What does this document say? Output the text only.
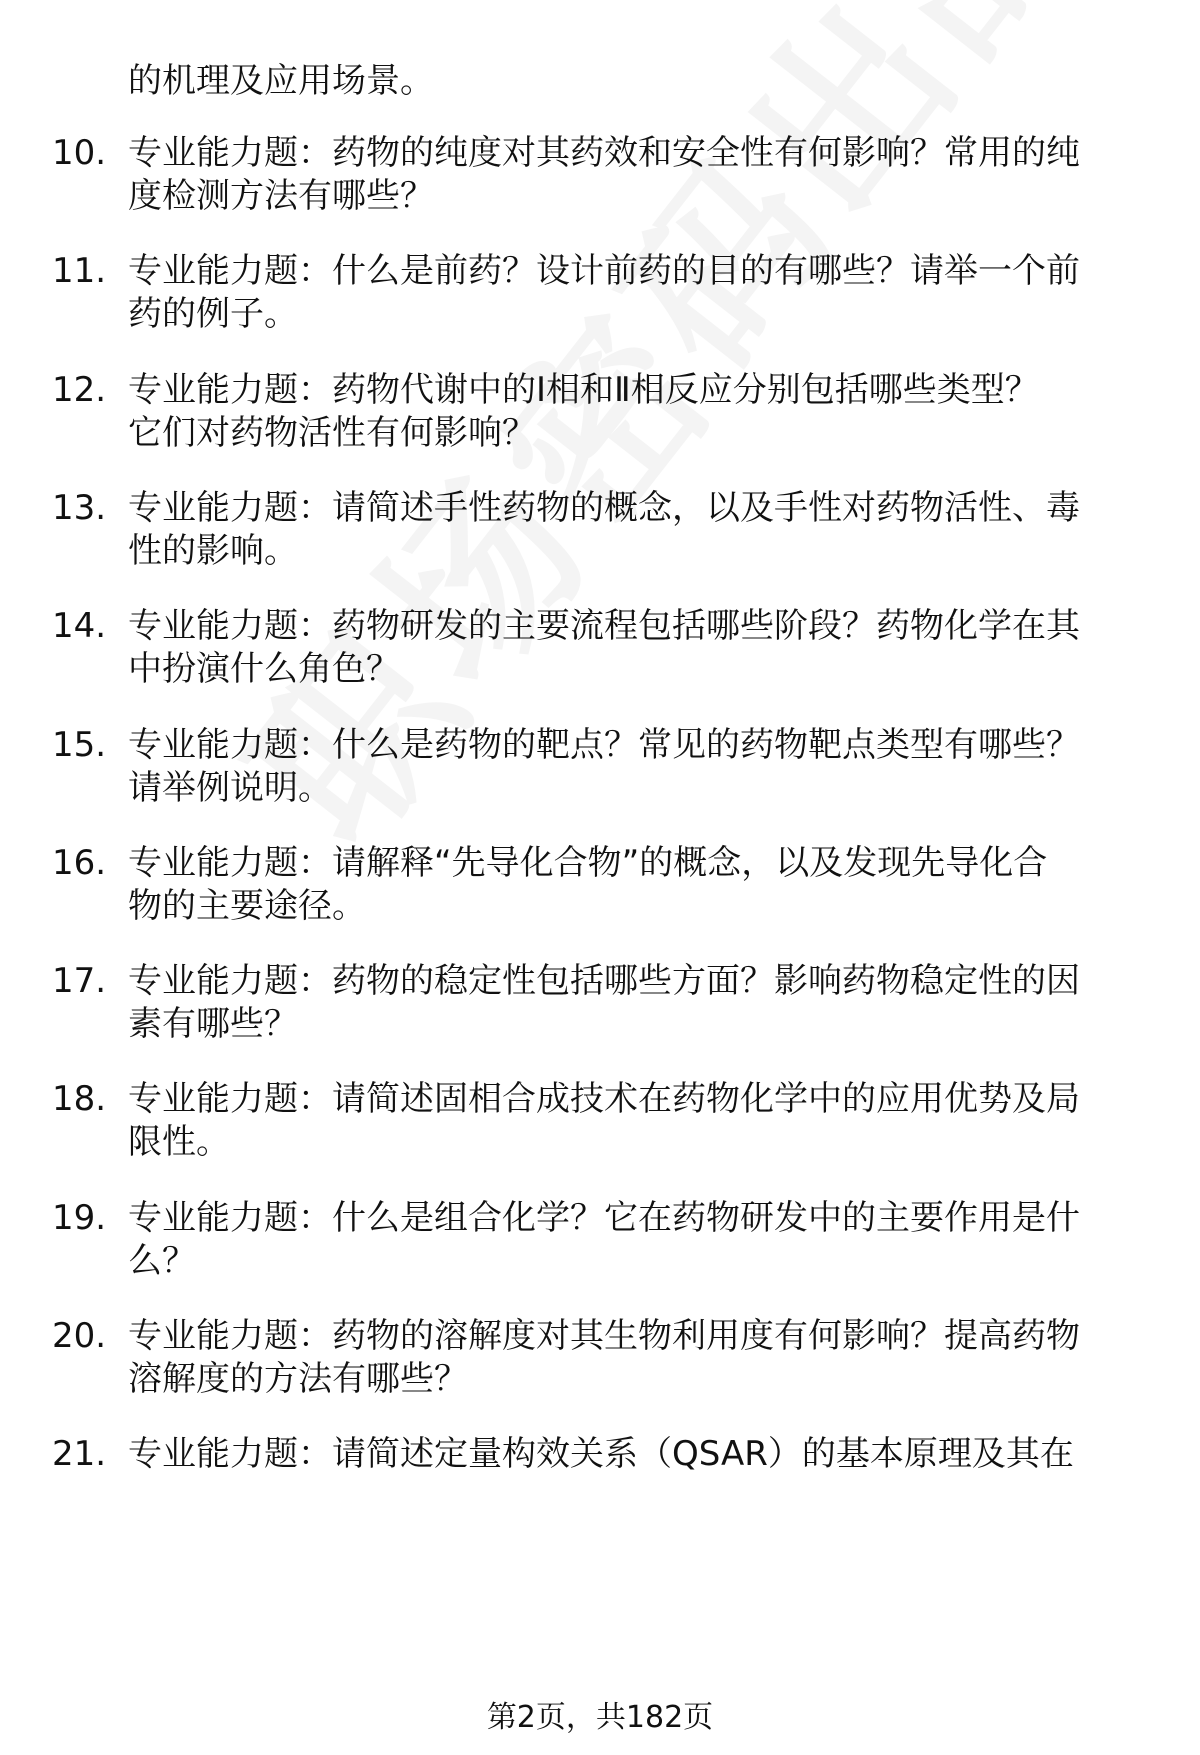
的机理及应用场景。
10. 专业能力题：药物的纯度对其药效和安全性有何影响？常用的纯
度检测方法有哪些？
11. 专业能力题：什么是前药？设计前药的目的有哪些？请举一个前
药的例子。
12. 专业能力题：药物代谢中的Ⅰ相和Ⅱ相反应分别包括哪些类型？
它们对药物活性有何影响？
13. 专业能力题：请简述手性药物的概念，以及手性对药物活性、毒
性的影响。
14. 专业能力题：药物研发的主要流程包括哪些阶段？药物化学在其
中扮演什么角色？
15. 专业能力题：什么是药物的靶点？常见的药物靶点类型有哪些？
请举例说明。
16. 专业能力题：请解释“先导化合物”的概念，以及发现先导化合
物的主要途径。
17. 专业能力题：药物的稳定性包括哪些方面？影响药物稳定性的因
素有哪些？
18. 专业能力题：请简述固相合成技术在药物化学中的应用优势及局
限性。
19. 专业能力题：什么是组合化学？它在药物研发中的主要作用是什
么？
20. 专业能力题：药物的溶解度对其生物利用度有何影响？提高药物
溶解度的方法有哪些？
21. 专业能力题：请简述定量构效关系（QSAR）的基本原理及其在
第2页，共182页
